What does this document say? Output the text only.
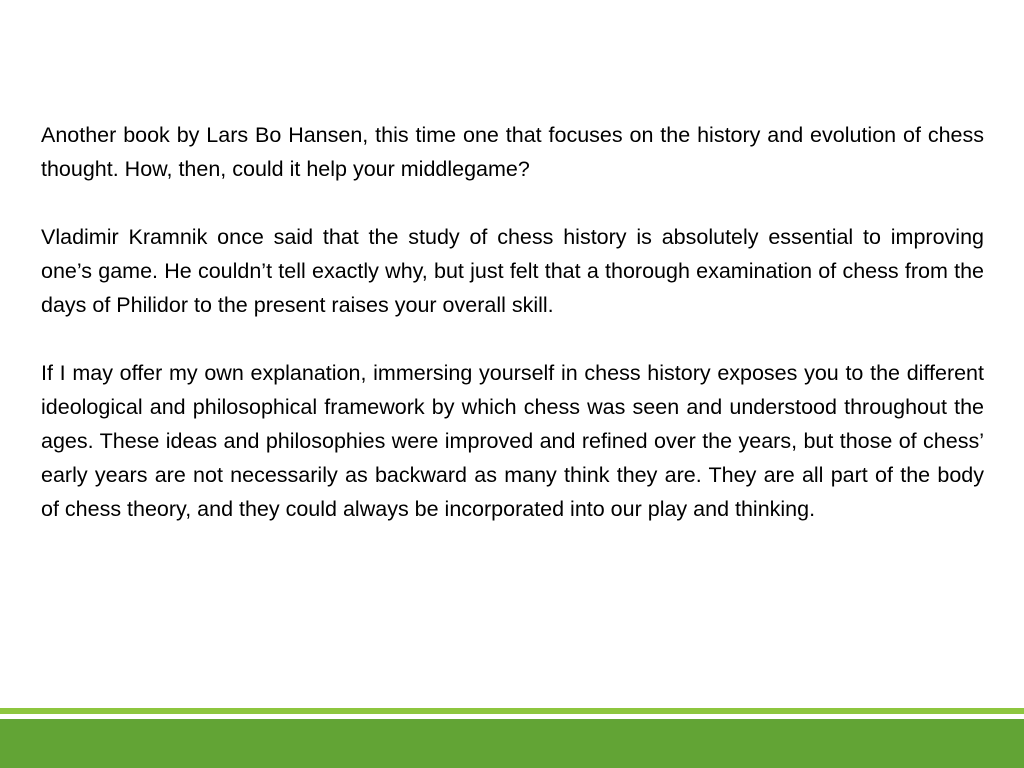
Another book by Lars Bo Hansen, this time one that focuses on the history and evolution of chess thought. How, then, could it help your middlegame?

Vladimir Kramnik once said that the study of chess history is absolutely essential to improving one’s game. He couldn’t tell exactly why, but just felt that a thorough examination of chess from the days of Philidor to the present raises your overall skill.

If I may offer my own explanation, immersing yourself in chess history exposes you to the different ideological and philosophical framework by which chess was seen and understood throughout the ages. These ideas and philosophies were improved and refined over the years, but those of chess’ early years are not necessarily as backward as many think they are. They are all part of the body of chess theory, and they could always be incorporated into our play and thinking.
